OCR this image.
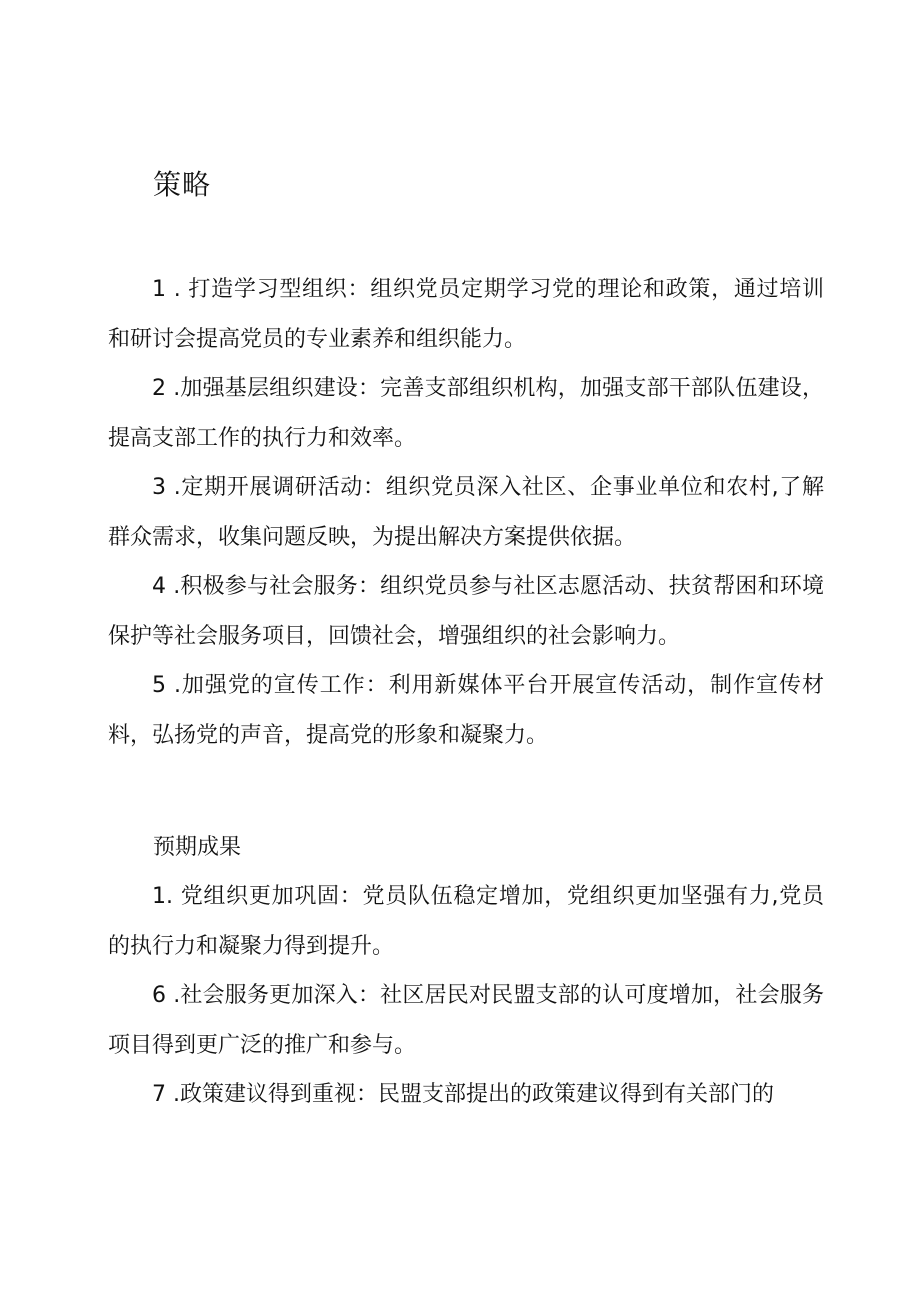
策略
1 . 打造学习型组织：组织党员定期学习党的理论和政策，通过培训和研讨会提高党员的专业素养和组织能力。
2 .加强基层组织建设：完善支部组织机构，加强支部干部队伍建设，提高支部工作的执行力和效率。
3 .定期开展调研活动：组织党员深入社区、企事业单位和农村,了解群众需求，收集问题反映，为提出解决方案提供依据。
4 .积极参与社会服务：组织党员参与社区志愿活动、扶贫帮困和环境保护等社会服务项目，回馈社会，增强组织的社会影响力。
5 .加强党的宣传工作：利用新媒体平台开展宣传活动，制作宣传材料，弘扬党的声音，提高党的形象和凝聚力。
预期成果
1. 党组织更加巩固：党员队伍稳定增加，党组织更加坚强有力,党员的执行力和凝聚力得到提升。
6 .社会服务更加深入：社区居民对民盟支部的认可度增加，社会服务项目得到更广泛的推广和参与。
7 .政策建议得到重视：民盟支部提出的政策建议得到有关部门的
